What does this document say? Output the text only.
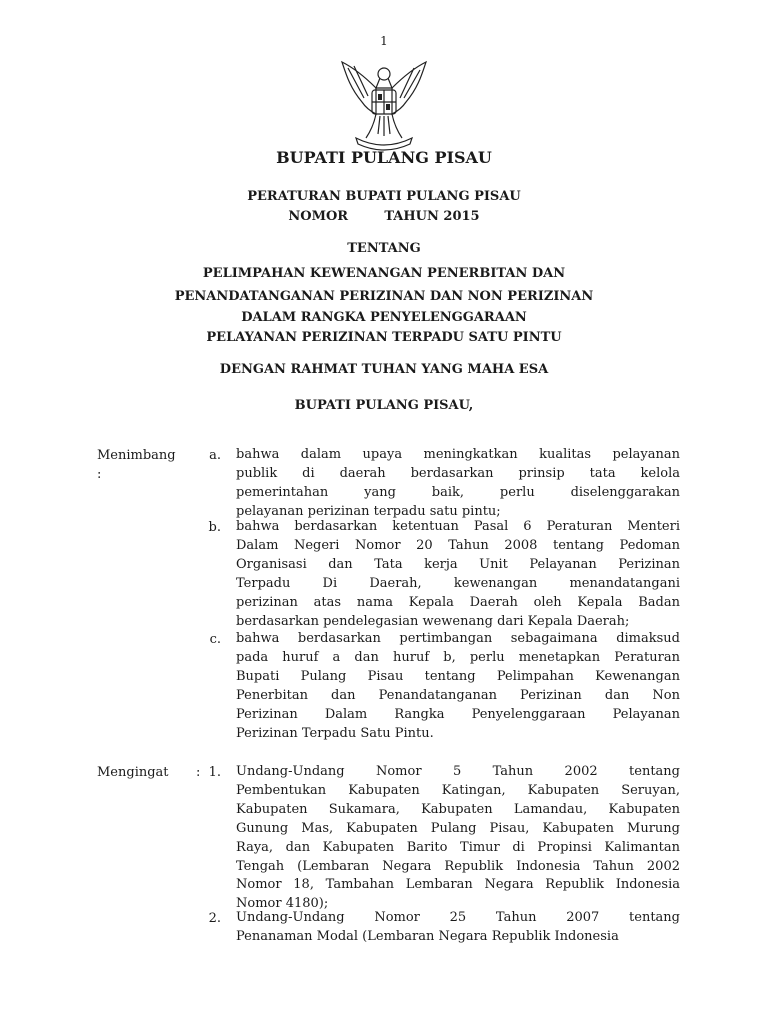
1
BUPATI PULANG PISAU
PERATURAN BUPATI PULANG PISAU
NOMOR        TAHUN 2015
TENTANG
PELIMPAHAN KEWENANGAN PENERBITAN DAN
PENANDATANGANAN PERIZINAN DAN NON PERIZINAN
DALAM RANGKA PENYELENGGARAAN
PELAYANAN PERIZINAN TERPADU SATU PINTU
DENGAN RAHMAT TUHAN YANG MAHA ESA
BUPATI PULANG PISAU,
Menimbang
:
a. bahwa dalam upaya meningkatkan kualitas pelayanan
publik di daerah berdasarkan prinsip tata kelola
pemerintahan yang baik, perlu diselenggarakan
pelayanan perizinan terpadu satu pintu;
b. bahwa berdasarkan ketentuan Pasal 6 Peraturan Menteri
Dalam Negeri Nomor 20 Tahun 2008 tentang Pedoman
Organisasi dan Tata kerja Unit Pelayanan Perizinan
Terpadu Di Daerah, kewenangan menandatangani
perizinan atas nama Kepala Daerah oleh Kepala Badan
berdasarkan pendelegasian wewenang dari Kepala Daerah;
c. bahwa berdasarkan pertimbangan sebagaimana dimaksud
pada huruf a dan huruf b, perlu menetapkan Peraturan
Bupati Pulang Pisau tentang Pelimpahan Kewenangan
Penerbitan dan Penandatanganan Perizinan dan Non
Perizinan Dalam Rangka Penyelenggaraan Pelayanan
Perizinan Terpadu Satu Pintu.
Mengingat : 1. Undang-Undang Nomor 5 Tahun 2002 tentang
Pembentukan Kabupaten Katingan, Kabupaten Seruyan,
Kabupaten Sukamara, Kabupaten Lamandau, Kabupaten
Gunung Mas, Kabupaten Pulang Pisau, Kabupaten Murung
Raya, dan Kabupaten Barito Timur di Propinsi Kalimantan
Tengah (Lembaran Negara Republik Indonesia Tahun 2002
Nomor 18, Tambahan Lembaran Negara Republik Indonesia
Nomor 4180);
2. Undang-Undang Nomor 25 Tahun 2007 tentang
Penanaman Modal (Lembaran Negara Republik Indonesia
